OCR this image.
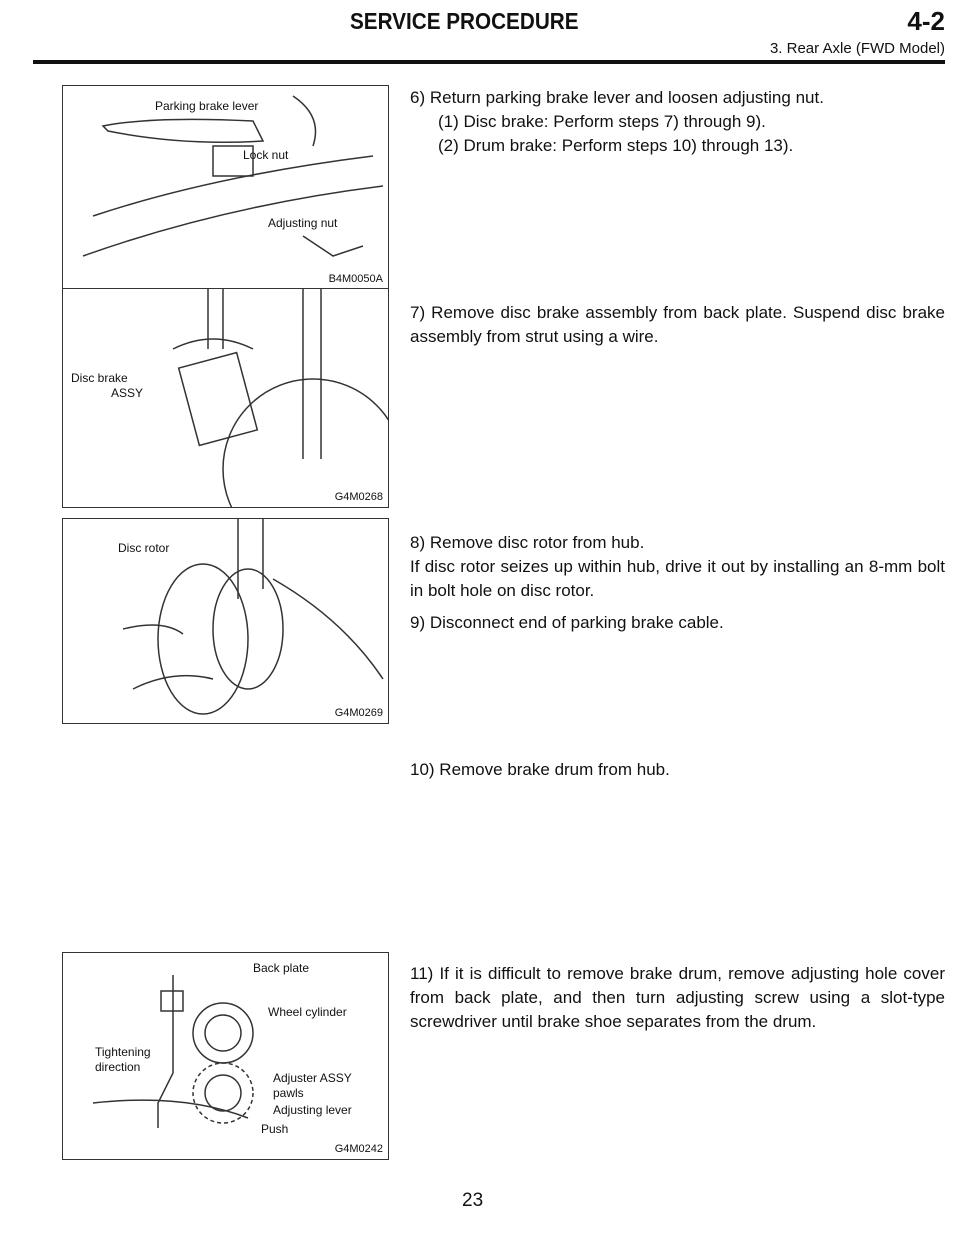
SERVICE PROCEDURE	4-2
3. Rear Axle (FWD Model)
Parking brake lever
Lock nut
Adjusting nut
B4M0050A
Disc brake
ASSY
G4M0268
Disc rotor
G4M0269
Back plate
Wheel cylinder
Tightening
direction
Adjuster ASSY
pawls
Adjusting lever
Push
G4M0242

6) Return parking brake lever and loosen adjusting nut.

(1) Disc brake: Perform steps 7) through 9).

(2) Drum brake: Perform steps 10) through 13).

7) Remove disc brake assembly from back plate. Suspend disc brake assembly from strut using a wire.

8) Remove disc rotor from hub.

If disc rotor seizes up within hub, drive it out by installing an 8-mm bolt in bolt hole on disc rotor.

9) Disconnect end of parking brake cable.

10) Remove brake drum from hub.

11) If it is difficult to remove brake drum, remove adjusting hole cover from back plate, and then turn adjusting screw using a slot-type screwdriver until brake shoe separates from the drum.

23
